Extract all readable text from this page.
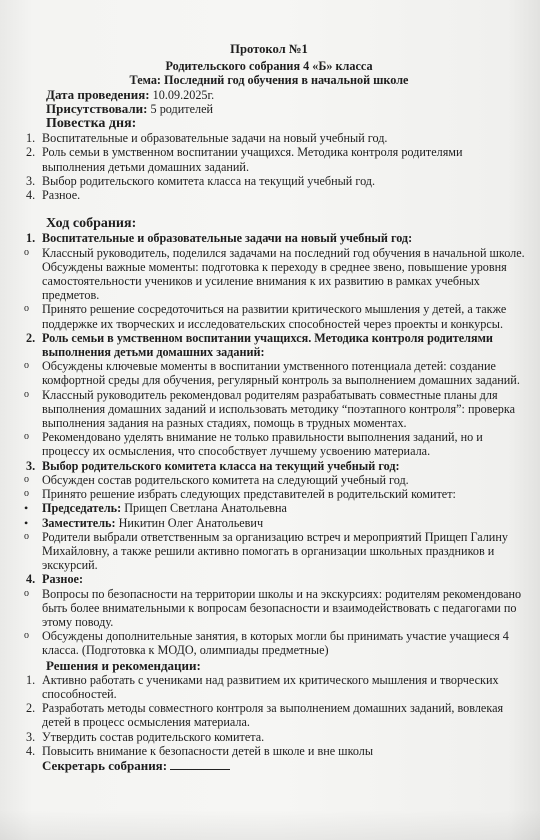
Протокол №1
Родительского собрания 4 «Б» класса
Тема: Последний год обучения в начальной школе
Дата проведения: 10.09.2025г.
Присутствовали: 5 родителей
Повестка дня:
1. Воспитательные и образовательные задачи на новый учебный год.
2. Роль семьи в умственном воспитании учащихся. Методика контроля родителями выполнения детьми домашних заданий.
3. Выбор родительского комитета класса на текущий учебный год.
4. Разное.
Ход собрания:
1. Воспитательные и образовательные задачи на новый учебный год:
o Классный руководитель, поделился задачами на последний год обучения в начальной школе. Обсуждены важные моменты: подготовка к переходу в среднее звено, повышение уровня самостоятельности учеников и усиление внимания к их развитию в рамках учебных предметов.
o Принято решение сосредоточиться на развитии критического мышления у детей, а также поддержке их творческих и исследовательских способностей через проекты и конкурсы.
2. Роль семьи в умственном воспитании учащихся. Методика контроля родителями выполнения детьми домашних заданий:
o Обсуждены ключевые моменты в воспитании умственного потенциала детей: создание комфортной среды для обучения, регулярный контроль за выполнением домашних заданий.
o Классный руководитель рекомендовал родителям разрабатывать совместные планы для выполнения домашних заданий и использовать методику “поэтапного контроля”: проверка выполнения задания на разных стадиях, помощь в трудных моментах.
o Рекомендовано уделять внимание не только правильности выполнения заданий, но и процессу их осмысления, что способствует лучшему усвоению материала.
3. Выбор родительского комитета класса на текущий учебный год:
o Обсужден состав родительского комитета на следующий учебный год.
o Принято решение избрать следующих представителей в родительский комитет:
• Председатель: Прищеп Светлана Анатольевна
• Заместитель: Никитин Олег Анатольевич
o Родители выбрали ответственным за организацию встреч и мероприятий Прищеп Галину Михайловну, а также решили активно помогать в организации школьных праздников и экскурсий.
4. Разное:
o Вопросы по безопасности на территории школы и на экскурсиях: родителям рекомендовано быть более внимательными к вопросам безопасности и взаимодействовать с педагогами по этому поводу.
o Обсуждены дополнительные занятия, в которых могли бы принимать участие учащиеся 4 класса. (Подготовка к МОДО, олимпиады предметные)
Решения и рекомендации:
1. Активно работать с учениками над развитием их критического мышления и творческих способностей.
2. Разработать методы совместного контроля за выполнением домашних заданий, вовлекая детей в процесс осмысления материала.
3. Утвердить состав родительского комитета.
4. Повысить внимание к безопасности детей в школе и вне школы
Секретарь собрания:
